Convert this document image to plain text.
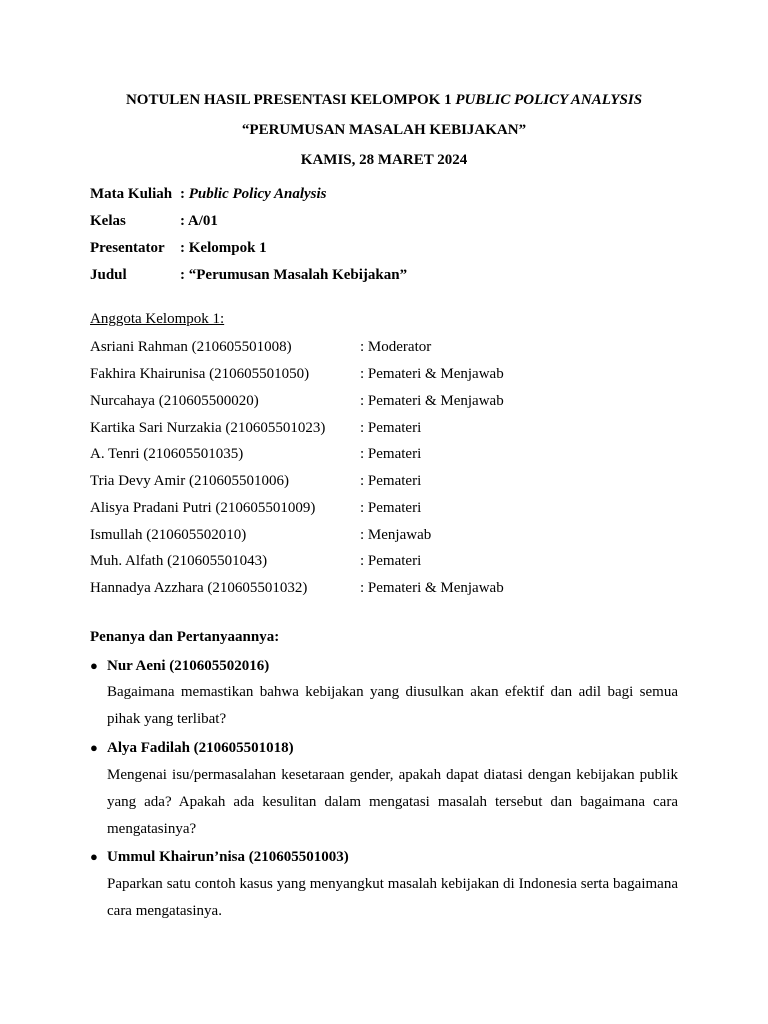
NOTULEN HASIL PRESENTASI KELOMPOK 1 PUBLIC POLICY ANALYSIS
“PERUMUSAN MASALAH KEBIJAKAN”
KAMIS, 28 MARET 2024
Mata Kuliah : Public Policy Analysis
Kelas	: A/01
Presentator : Kelompok 1
Judul	: “Perumusan Masalah Kebijakan”
Anggota Kelompok 1:
Asriani Rahman (210605501008)	: Moderator
Fakhira Khairunisa (210605501050)	: Pemateri & Menjawab
Nurcahaya (210605500020)	: Pemateri & Menjawab
Kartika Sari Nurzakia (210605501023) : Pemateri
A. Tenri (210605501035)	: Pemateri
Tria Devy Amir (210605501006)	: Pemateri
Alisya Pradani Putri (210605501009)	: Pemateri
Ismullah (210605502010)	: Menjawab
Muh. Alfath (210605501043)	: Pemateri
Hannadya Azzhara (210605501032)	: Pemateri & Menjawab
Penanya dan Pertanyaannya:
● Nur Aeni (210605502016)
Bagaimana memastikan bahwa kebijakan yang diusulkan akan efektif dan adil bagi semua pihak yang terlibat?
● Alya Fadilah (210605501018)
Mengenai isu/permasalahan kesetaraan gender, apakah dapat diatasi dengan kebijakan publik yang ada? Apakah ada kesulitan dalam mengatasi masalah tersebut dan bagaimana cara mengatasinya?
● Ummul Khairun’nisa (210605501003)
Paparkan satu contoh kasus yang menyangkut masalah kebijakan di Indonesia serta bagaimana cara mengatasinya.
